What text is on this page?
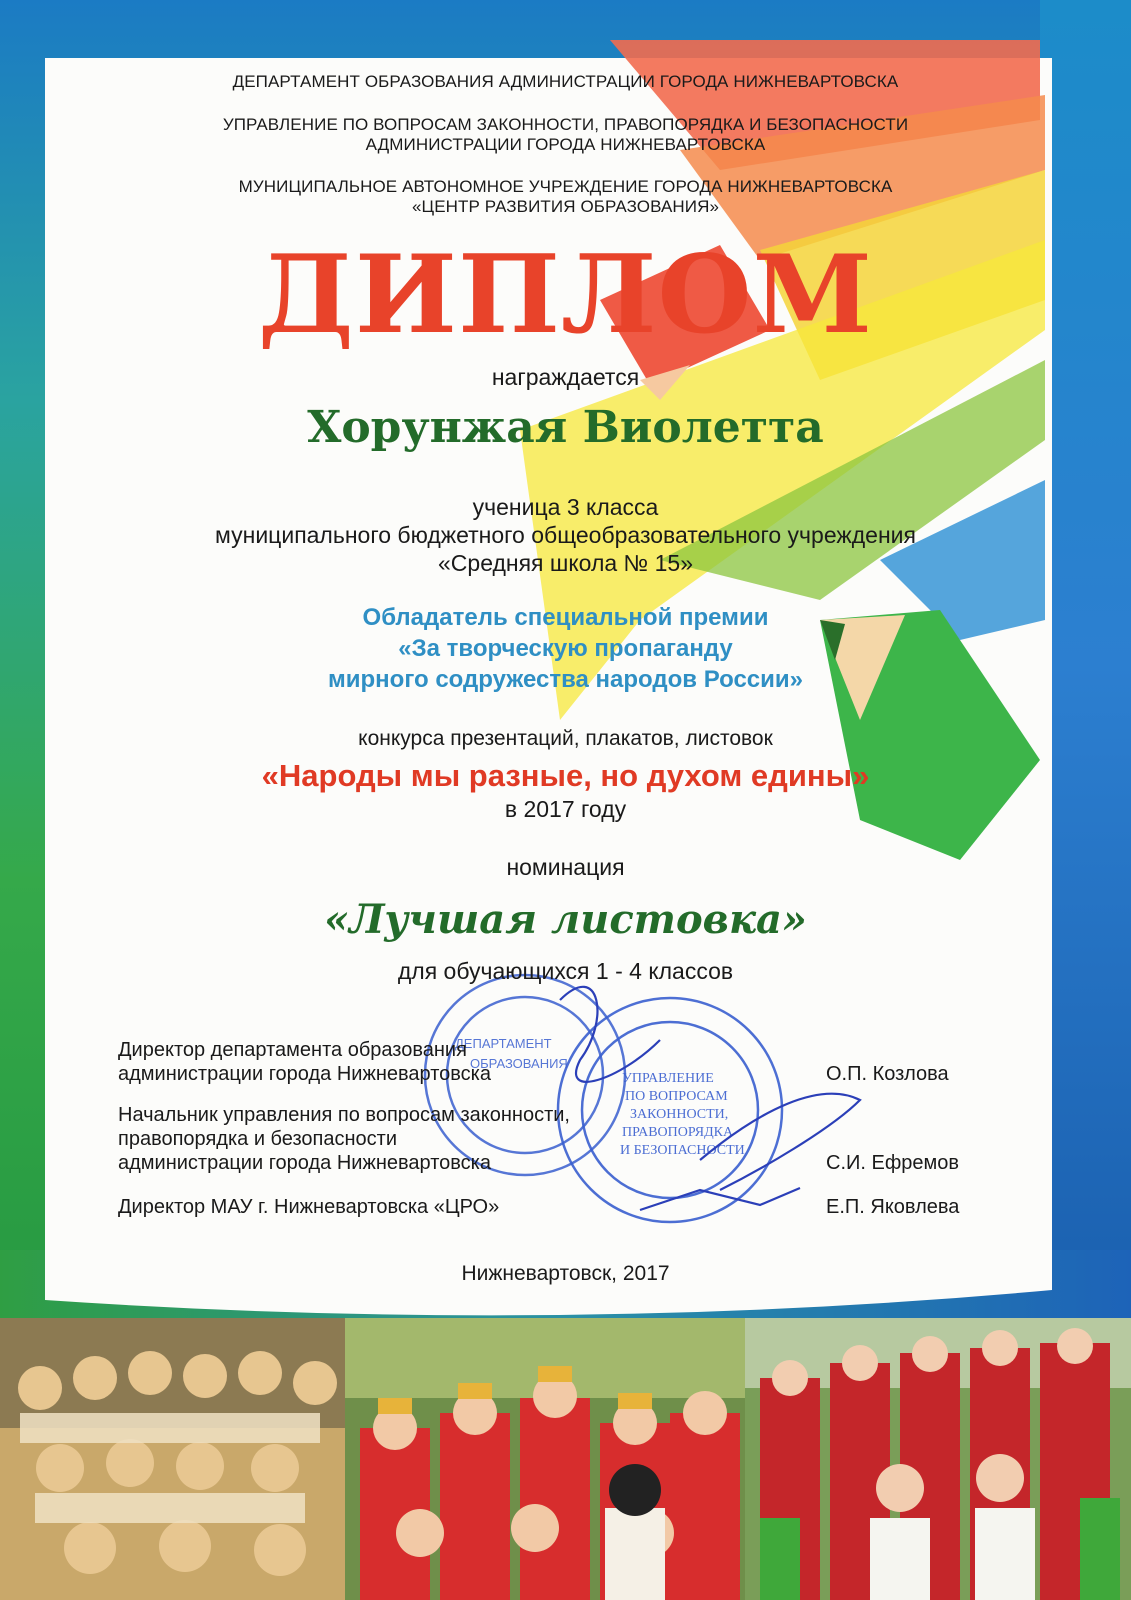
ДЕПАРТАМЕНТ
ОБРАЗОВАНИЯ
УПРАВЛЕНИЕ
ПО ВОПРОСАМ
ЗАКОННОСТИ,
ПРАВОПОРЯДКА
И БЕЗОПАСНОСТИ
ДЕПАРТАМЕНТ ОБРАЗОВАНИЯ АДМИНИСТРАЦИИ ГОРОДА НИЖНЕВАРТОВСКА
УПРАВЛЕНИЕ ПО ВОПРОСАМ ЗАКОННОСТИ, ПРАВОПОРЯДКА И БЕЗОПАСНОСТИ
АДМИНИСТРАЦИИ ГОРОДА НИЖНЕВАРТОВСКА
МУНИЦИПАЛЬНОЕ АВТОНОМНОЕ УЧРЕЖДЕНИЕ ГОРОДА НИЖНЕВАРТОВСКА
«ЦЕНТР РАЗВИТИЯ ОБРАЗОВАНИЯ»
ДИПЛОМ
награждается
Хорунжая Виолетта
ученица 3 класса
муниципального бюджетного общеобразовательного учреждения
«Средняя школа № 15»
Обладатель специальной премии
«За творческую пропаганду
мирного содружества народов России»
конкурса презентаций, плакатов, листовок
«Народы мы разные, но духом едины»
в 2017 году
номинация
«Лучшая листовка»
для обучающихся 1 - 4 классов
Директор департамента образования
администрации города Нижневартовска	О.П. Козлова
Начальник управления по вопросам законности,
правопорядка и безопасности
администрации города Нижневартовска	С.И. Ефремов
Директор МАУ г. Нижневартовска «ЦРО»	Е.П. Яковлева
Нижневартовск, 2017
